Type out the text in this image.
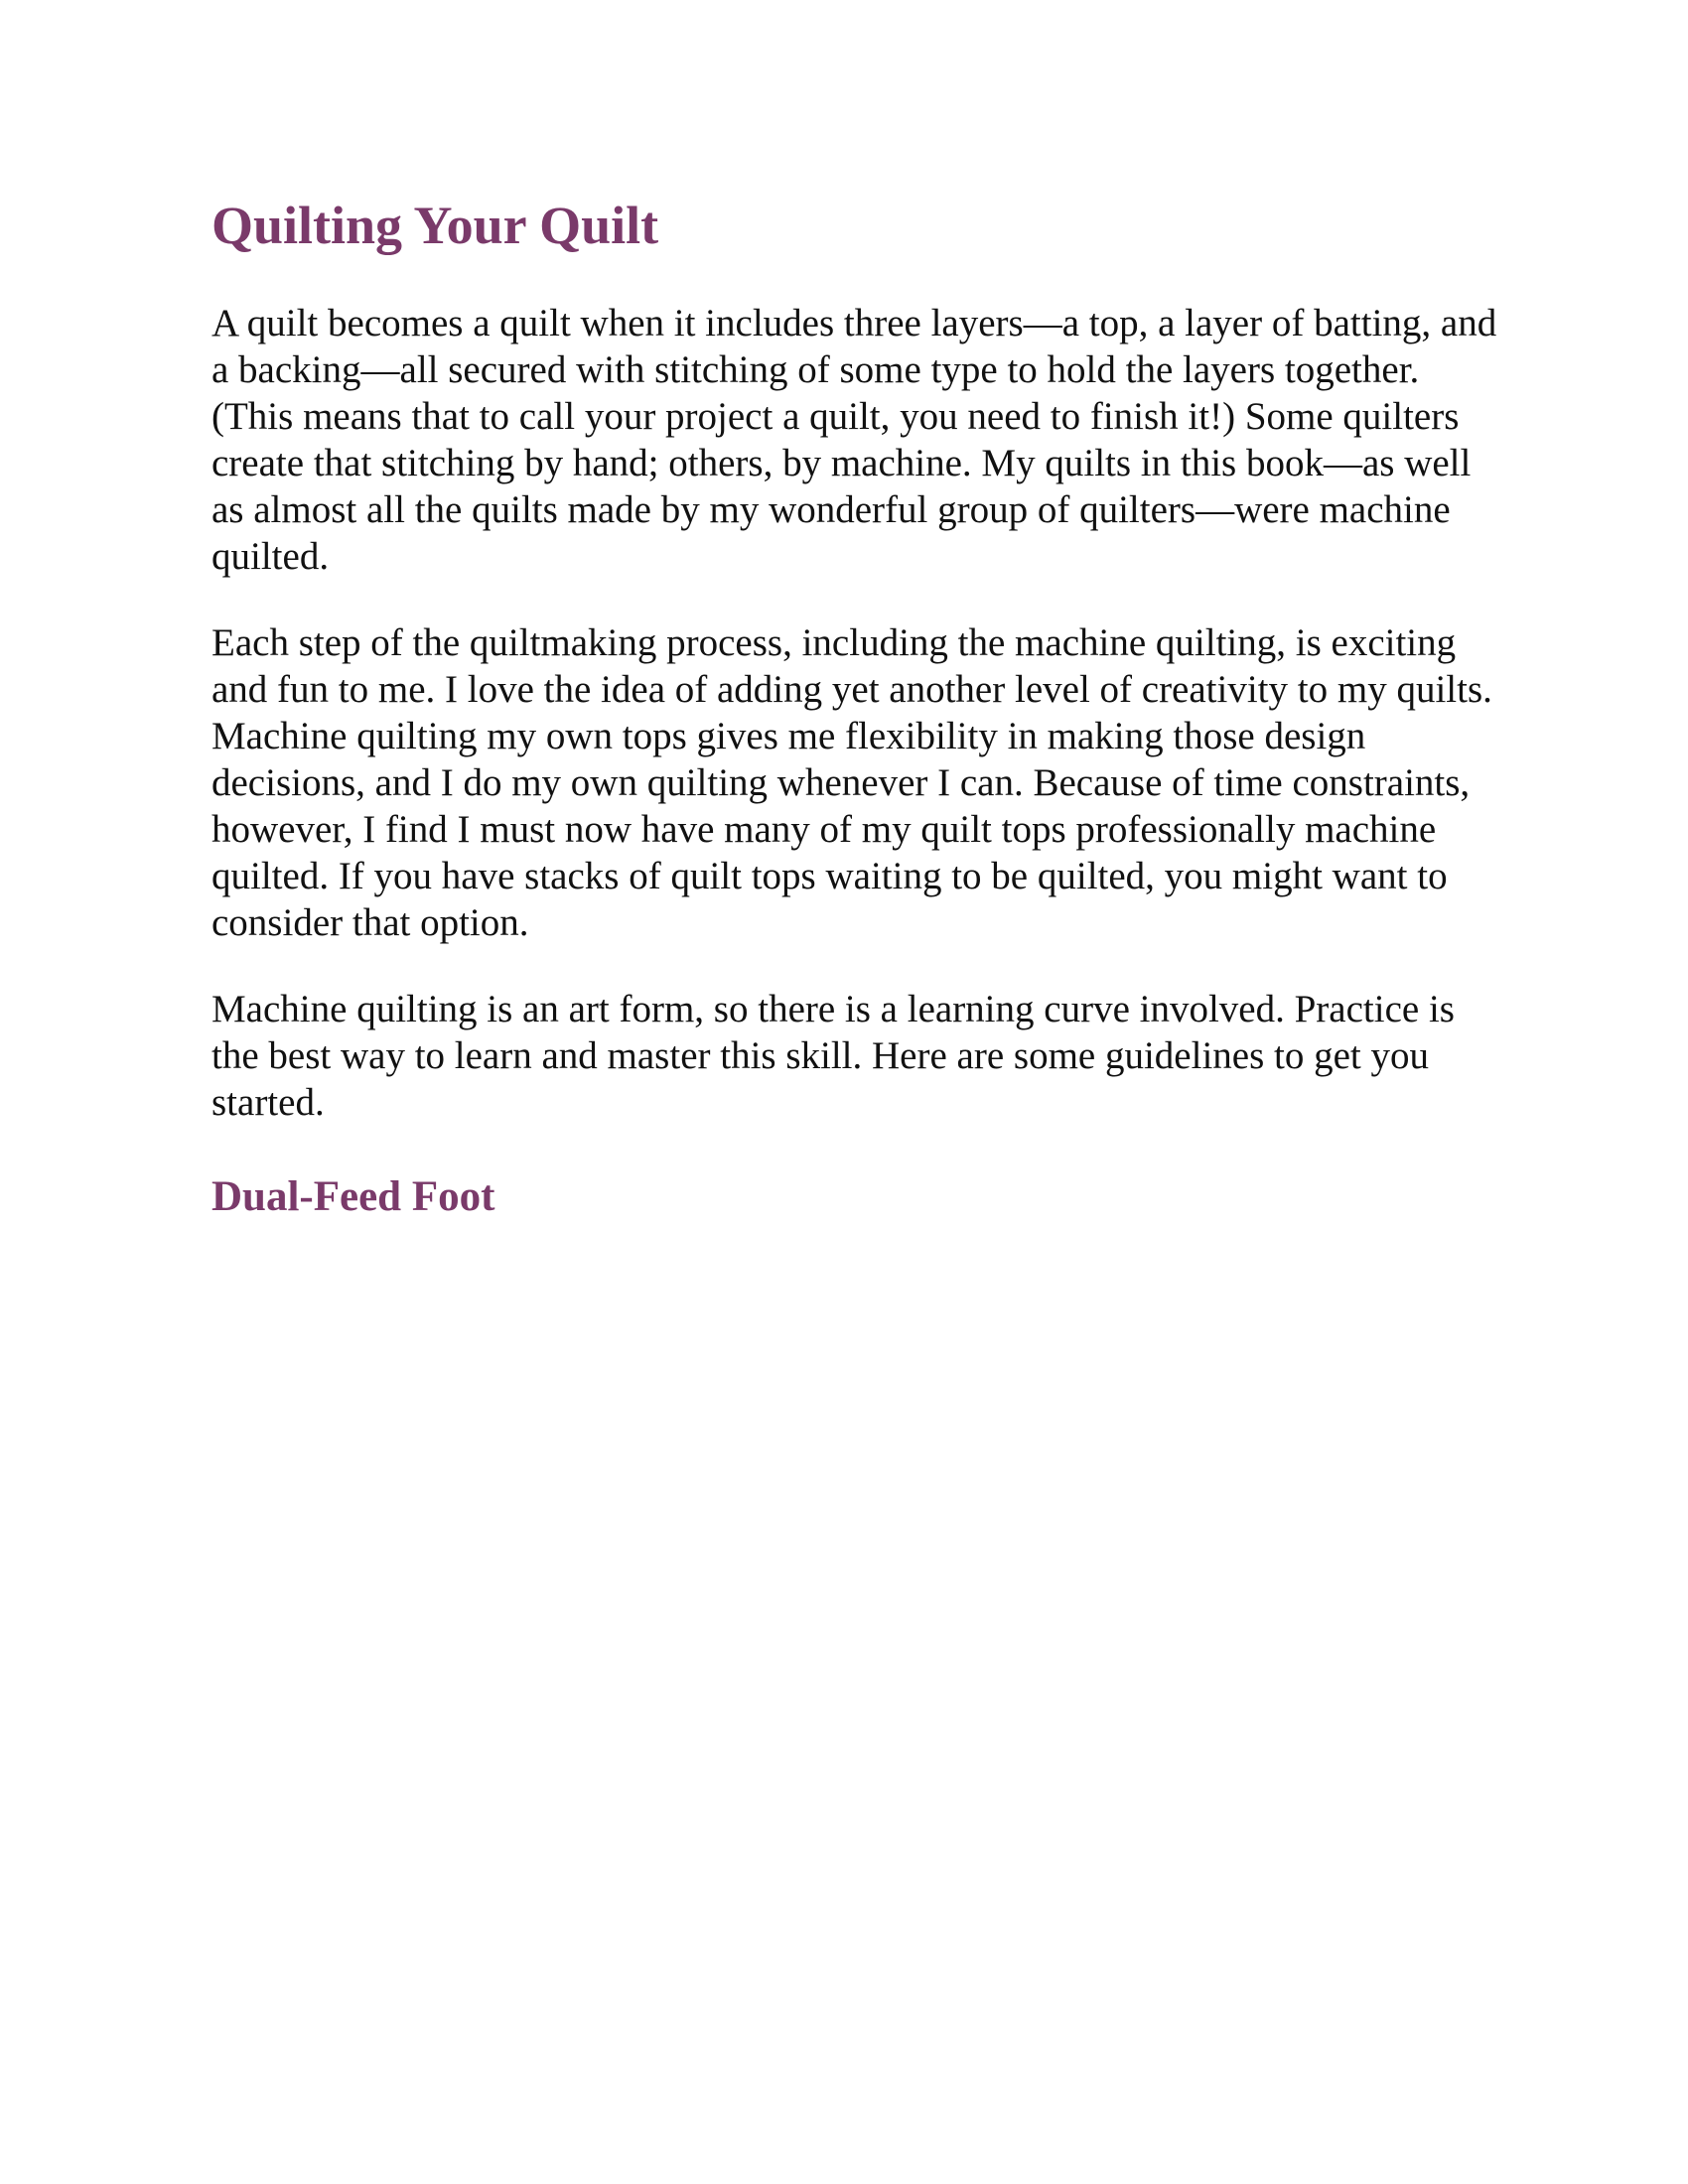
Quilting Your Quilt

A quilt becomes a quilt when it includes three layers—a top, a layer of batting, and a backing—all secured with stitching of some type to hold the layers together. (This means that to call your project a quilt, you need to finish it!) Some quilters create that stitching by hand; others, by machine. My quilts in this book—as well as almost all the quilts made by my wonderful group of quilters—were machine quilted.

Each step of the quiltmaking process, including the machine quilting, is exciting and fun to me. I love the idea of adding yet another level of creativity to my quilts. Machine quilting my own tops gives me flexibility in making those design decisions, and I do my own quilting whenever I can. Because of time constraints, however, I find I must now have many of my quilt tops professionally machine quilted. If you have stacks of quilt tops waiting to be quilted, you might want to consider that option.

Machine quilting is an art form, so there is a learning curve involved. Practice is the best way to learn and master this skill. Here are some guidelines to get you started.

Dual-Feed Foot
